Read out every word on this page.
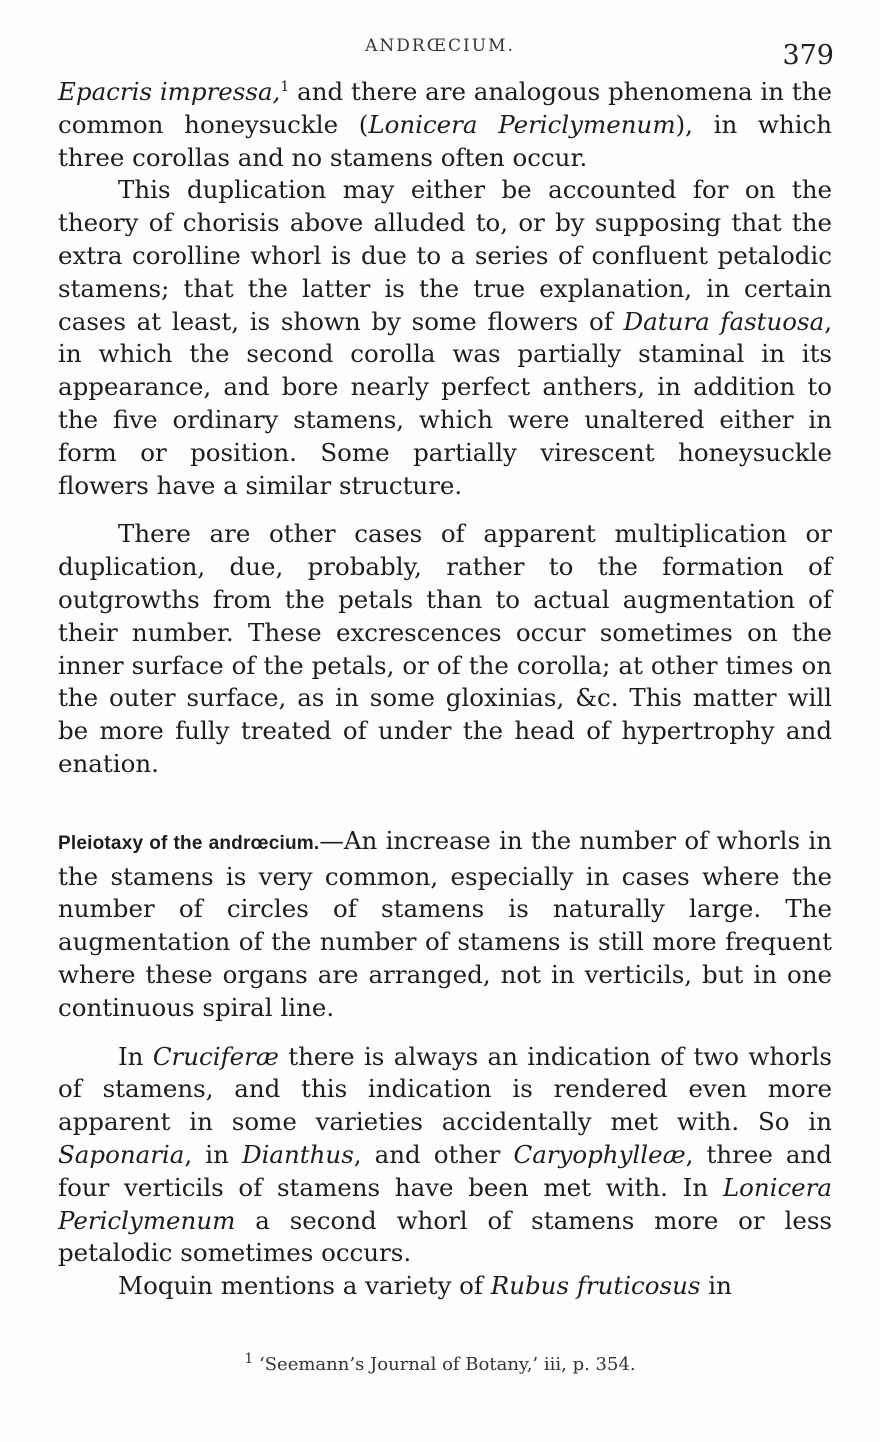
ANDRŒCIUM.	379

Epacris impressa,$^1$ and there are analogous phenomena in the common honeysuckle (Lonicera Periclymenum), in which three corollas and no stamens often occur.

This duplication may either be accounted for on the theory of chorisis above alluded to, or by supposing that the extra corolline whorl is due to a series of confluent petalodic stamens; that the latter is the true explanation, in certain cases at least, is shown by some flowers of Datura fastuosa, in which the second corolla was partially staminal in its appearance, and bore nearly perfect anthers, in addition to the five ordinary stamens, which were unaltered either in form or position. Some partially virescent honeysuckle flowers have a similar structure.

There are other cases of apparent multiplication or duplication, due, probably, rather to the formation of outgrowths from the petals than to actual augmentation of their number. These excrescences occur sometimes on the inner surface of the petals, or of the corolla; at other times on the outer surface, as in some gloxinias, &c. This matter will be more fully treated of under the head of hypertrophy and enation.

Pleiotaxy of the andrœcium.—An increase in the number of whorls in the stamens is very common, especially in cases where the number of circles of stamens is naturally large. The augmentation of the number of stamens is still more frequent where these organs are arranged, not in verticils, but in one continuous spiral line.

In Cruciferæ there is always an indication of two whorls of stamens, and this indication is rendered even more apparent in some varieties accidentally met with. So in Saponaria, in Dianthus, and other Caryophylleæ, three and four verticils of stamens have been met with. In Lonicera Periclymenum a second whorl of stamens more or less petalodic sometimes occurs.

Moquin mentions a variety of Rubus fruticosus in

$^1$ ‘Seemann’s Journal of Botany,’ iii, p. 354.
